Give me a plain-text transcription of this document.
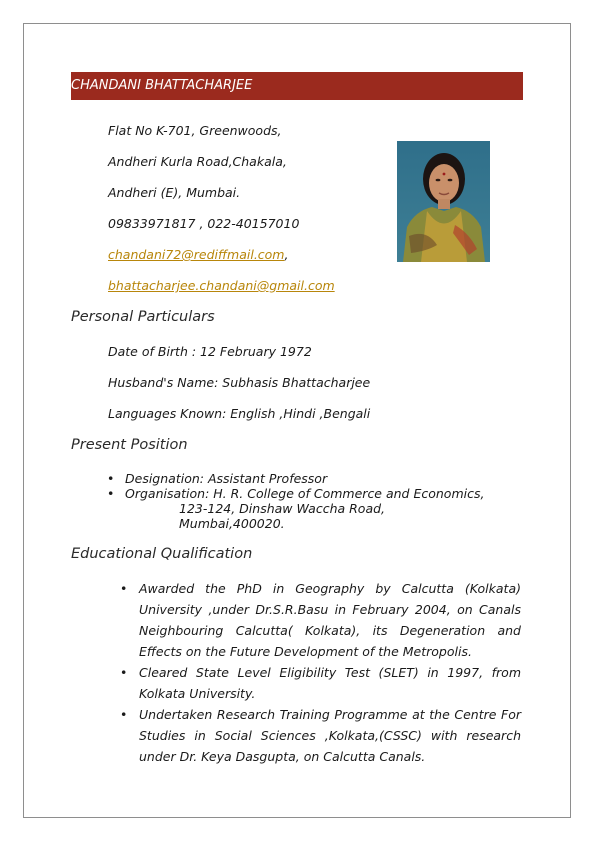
CHANDANI BHATTACHARJEE
Flat No K-701, Greenwoods,
Andheri Kurla Road,Chakala,
Andheri (E), Mumbai.
09833971817 , 022-40157010
chandani72@rediffmail.com,
bhattacharjee.chandani@gmail.com
Personal Particulars
Date of Birth : 12 February 1972
Husband's Name: Subhasis Bhattacharjee
Languages Known: English ,Hindi ,Bengali
Present Position
• Designation: Assistant Professor
• Organisation: H. R. College of Commerce and Economics,
123-124, Dinshaw Waccha Road,
Mumbai,400020.
Educational Qualification
• Awarded the PhD in Geography by Calcutta (Kolkata) University ,under Dr.S.R.Basu in February 2004, on Canals Neighbouring Calcutta( Kolkata), its Degeneration and Effects on the Future Development of the Metropolis.
• Cleared State Level Eligibility Test (SLET) in 1997, from Kolkata University.
• Undertaken Research Training Programme at the Centre For Studies in Social Sciences ,Kolkata,(CSSC) with research under Dr. Keya Dasgupta, on Calcutta Canals.
